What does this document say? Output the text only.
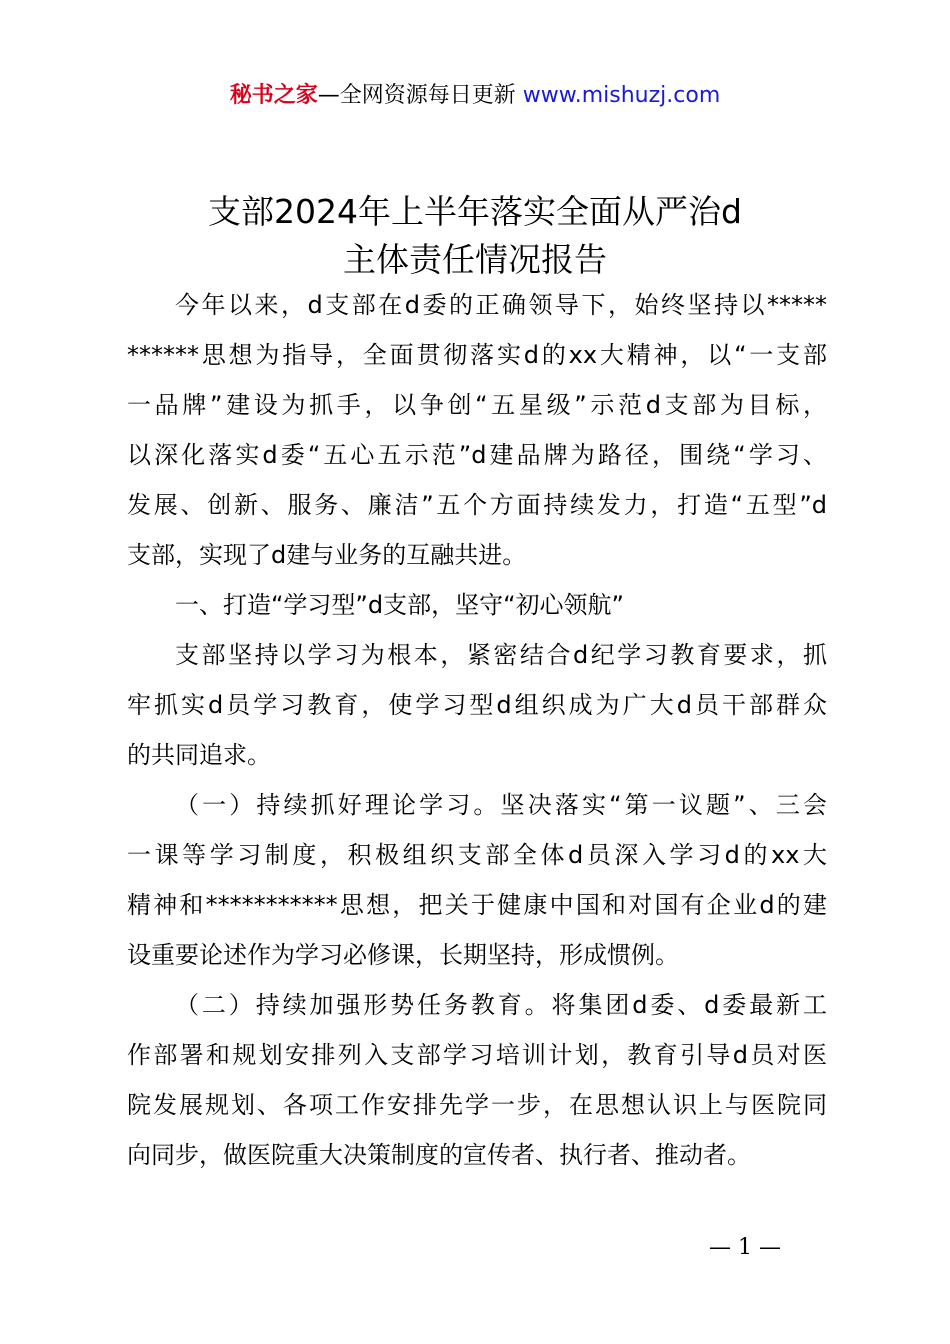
秘书之家—全网资源每日更新 www.mishuzj.com
支部2024年上半年落实全面从严治d
主体责任情况报告
今年以来，d支部在d委的正确领导下，始终坚持以*****
******思想为指导，全面贯彻落实d的xx大精神，以“一支部
一品牌”建设为抓手，以争创“五星级”示范d支部为目标，
以深化落实d委“五心五示范”d建品牌为路径，围绕“学习、
发展、创新、服务、廉洁”五个方面持续发力，打造“五型”d
支部，实现了d建与业务的互融共进。
一、打造“学习型”d支部，坚守“初心领航”
支部坚持以学习为根本，紧密结合d纪学习教育要求，抓
牢抓实d员学习教育，使学习型d组织成为广大d员干部群众
的共同追求。
（一）持续抓好理论学习。坚决落实“第一议题”、三会
一课等学习制度，积极组织支部全体d员深入学习d的xx大
精神和***********思想，把关于健康中国和对国有企业d的建
设重要论述作为学习必修课，长期坚持，形成惯例。
（二）持续加强形势任务教育。将集团d委、d委最新工
作部署和规划安排列入支部学习培训计划，教育引导d员对医
院发展规划、各项工作安排先学一步，在思想认识上与医院同
向同步，做医院重大决策制度的宣传者、执行者、推动者。
— 1 —
